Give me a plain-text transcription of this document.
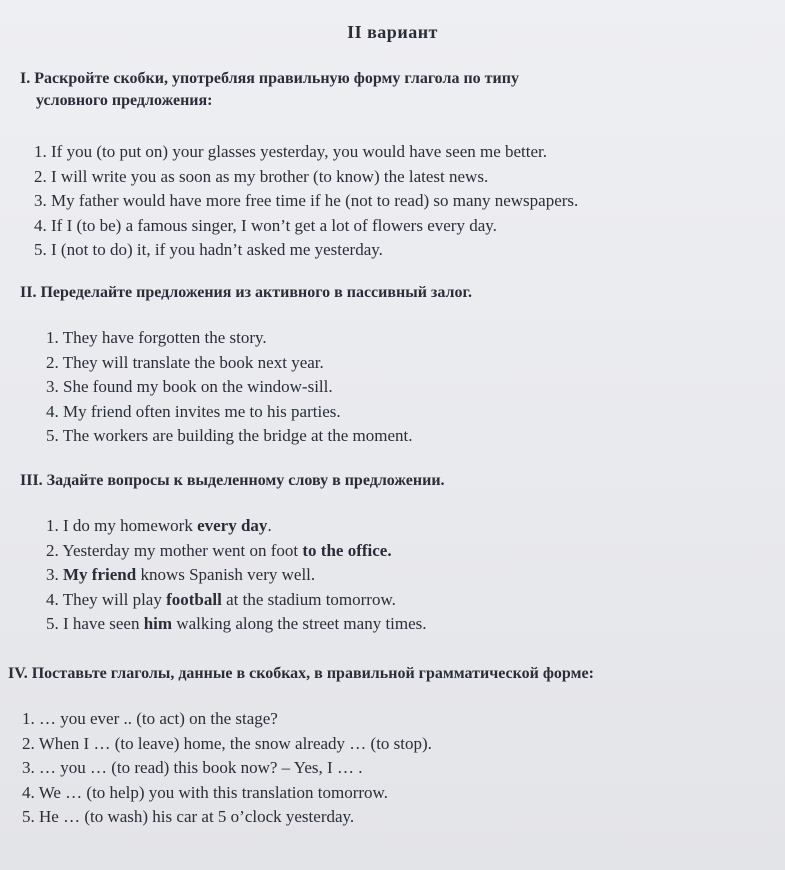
II вариант
I. Раскройте скобки, употребляя правильную форму глагола по типу
условного предложения:
1. If you (to put on) your glasses yesterday, you would have seen me better.
2. I will write you as soon as my brother (to know) the latest news.
3. My father would have more free time if he (not to read) so many newspapers.
4. If I (to be) a famous singer, I won’t get a lot of flowers every day.
5. I (not to do) it, if you hadn’t asked me yesterday.
II. Переделайте предложения из активного в пассивный залог.
1. They have forgotten the story.
2. They will translate the book next year.
3. She found my book on the window-sill.
4. My friend often invites me to his parties.
5. The workers are building the bridge at the moment.
III. Задайте вопросы к выделенному слову в предложении.
1. I do my homework every day.
2. Yesterday my mother went on foot to the office.
3. My friend knows Spanish very well.
4. They will play football at the stadium tomorrow.
5. I have seen him walking along the street many times.
IV. Поставьте глаголы, данные в скобках, в правильной грамматической форме:
1. … you ever .. (to act) on the stage?
2. When I … (to leave) home, the snow already … (to stop).
3. … you … (to read) this book now? – Yes, I … .
4. We … (to help) you with this translation tomorrow.
5. He … (to wash) his car at 5 o’clock yesterday.
